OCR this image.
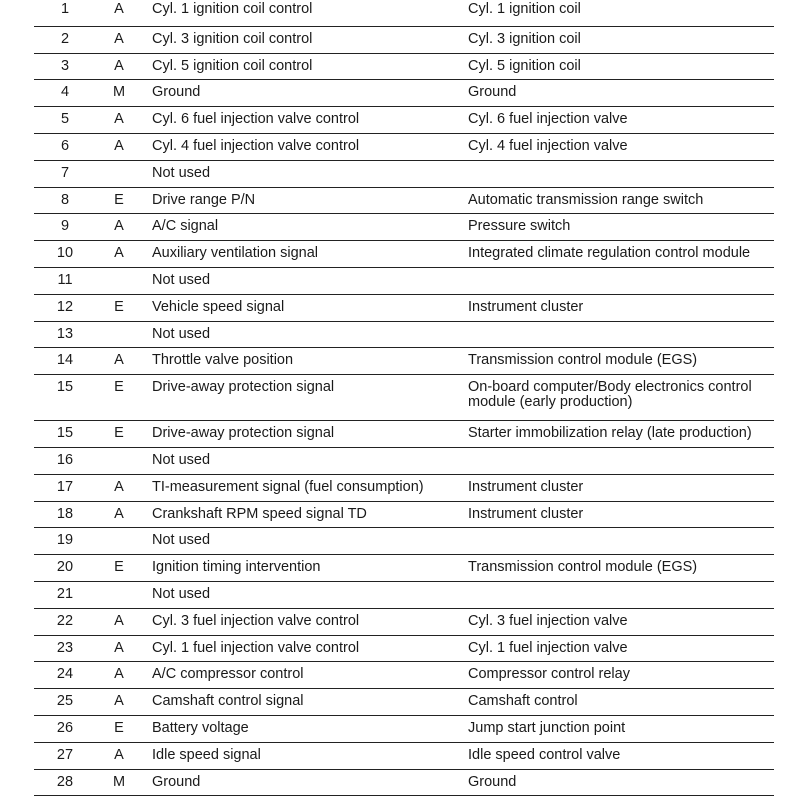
1	A	Cyl. 1 ignition coil control	Cyl. 1 ignition coil
2	A	Cyl. 3 ignition coil control	Cyl. 3 ignition coil
3	A	Cyl. 5 ignition coil control	Cyl. 5 ignition coil
4	M	Ground	Ground
5	A	Cyl. 6 fuel injection valve control	Cyl. 6 fuel injection valve
6	A	Cyl. 4 fuel injection valve control	Cyl. 4 fuel injection valve
7	Not used
8	E	Drive range P/N	Automatic transmission range switch
9	A	A/C signal	Pressure switch
10	A	Auxiliary ventilation signal	Integrated climate regulation control module
11	Not used
12	E	Vehicle speed signal	Instrument cluster
13	Not used
14	A	Throttle valve position	Transmission control module (EGS)
15	E	Drive-away protection signal	On-board computer/Body electronics control module (early production)
15	E	Drive-away protection signal	Starter immobilization relay (late production)
16	Not used
17	A	TI-measurement signal (fuel consumption)	Instrument cluster
18	A	Crankshaft RPM speed signal TD	Instrument cluster
19	Not used
20	E	Ignition timing intervention	Transmission control module (EGS)
21	Not used
22	A	Cyl. 3 fuel injection valve control	Cyl. 3 fuel injection valve
23	A	Cyl. 1 fuel injection valve control	Cyl. 1 fuel injection valve
24	A	A/C compressor control	Compressor control relay
25	A	Camshaft control signal	Camshaft control
26	E	Battery voltage	Jump start junction point
27	A	Idle speed signal	Idle speed control valve
28	M	Ground	Ground
